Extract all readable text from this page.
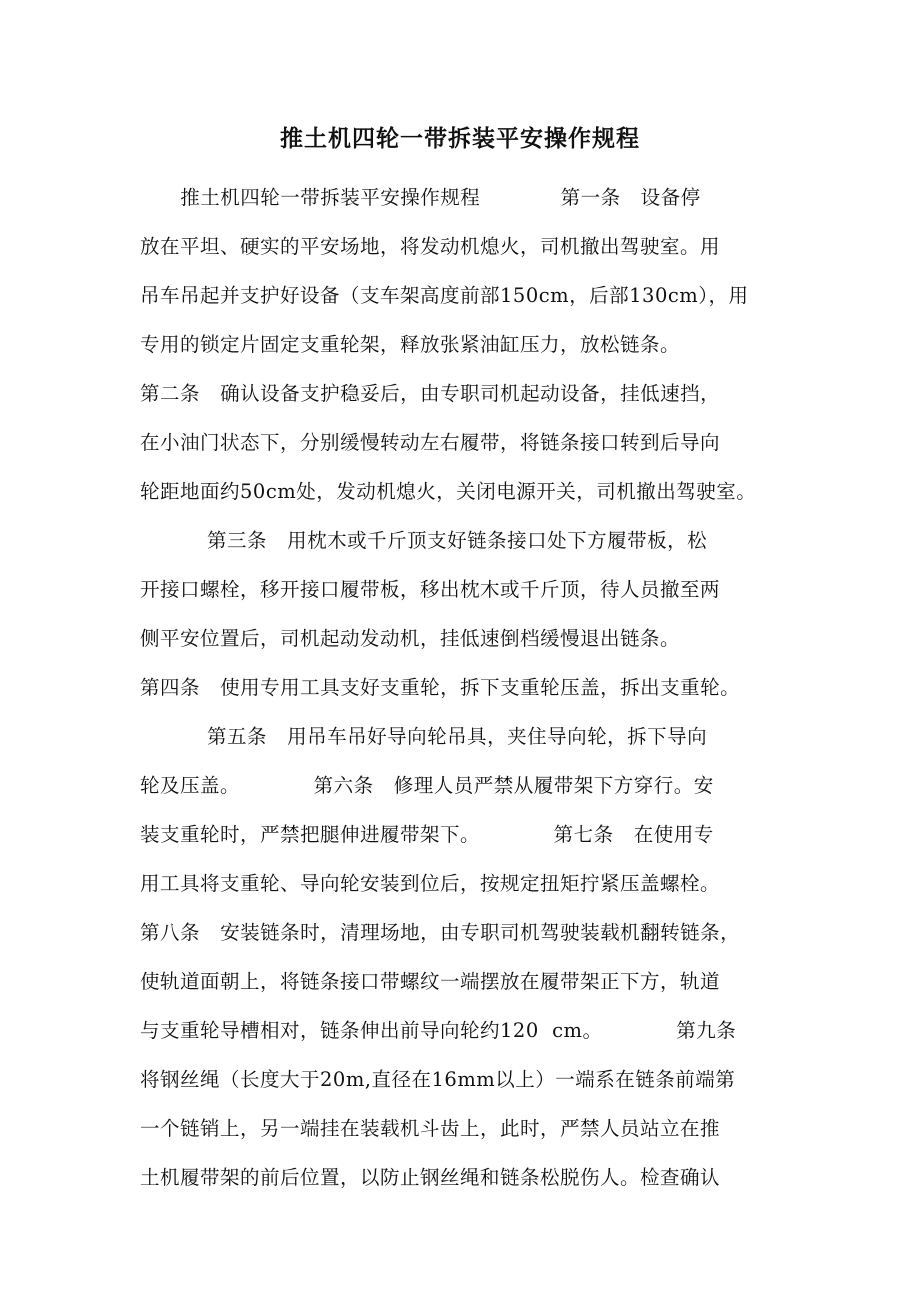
推土机四轮一带拆装平安操作规程
推土机四轮一带拆装平安操作规程            第一条   设备停
放在平坦、硬实的平安场地，将发动机熄火，司机撤出驾驶室。用
吊车吊起并支护好设备（支车架高度前部150cm，后部130cm），用
专用的锁定片固定支重轮架，释放张紧油缸压力，放松链条。
第二条   确认设备支护稳妥后，由专职司机起动设备，挂低速挡，
在小油门状态下，分别缓慢转动左右履带，将链条接口转到后导向
轮距地面约50cm处，发动机熄火，关闭电源开关，司机撤出驾驶室。
第三条   用枕木或千斤顶支好链条接口处下方履带板，松
开接口螺栓，移开接口履带板，移出枕木或千斤顶，待人员撤至两
侧平安位置后，司机起动发动机，挂低速倒档缓慢退出链条。
第四条   使用专用工具支好支重轮，拆下支重轮压盖，拆出支重轮。
第五条   用吊车吊好导向轮吊具，夹住导向轮，拆下导向
轮及压盖。           第六条   修理人员严禁从履带架下方穿行。安
装支重轮时，严禁把腿伸进履带架下。           第七条   在使用专
用工具将支重轮、导向轮安装到位后，按规定扭矩拧紧压盖螺栓。
第八条   安装链条时，清理场地，由专职司机驾驶装载机翻转链条，
使轨道面朝上，将链条接口带螺纹一端摆放在履带架正下方，轨道
与支重轮导槽相对，链条伸出前导向轮约120  cm。           第九条
将钢丝绳（长度大于20m,直径在16mm以上）一端系在链条前端第
一个链销上，另一端挂在装载机斗齿上，此时，严禁人员站立在推
土机履带架的前后位置，以防止钢丝绳和链条松脱伤人。检查确认
